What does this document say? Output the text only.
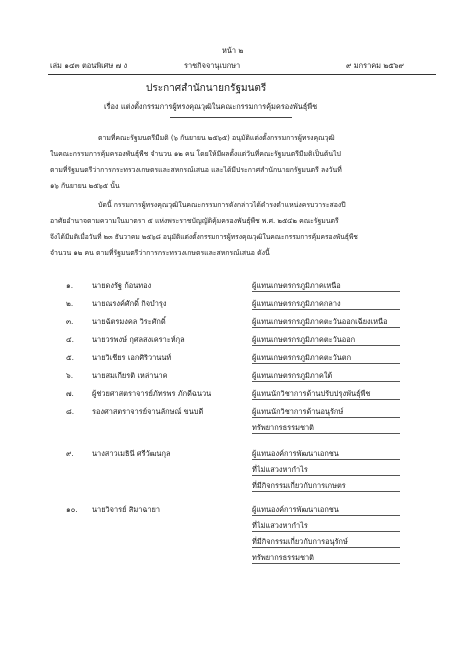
หน้า ๒
เล่ม ๑๔๓ ตอนพิเศษ ๗ ง	ราชกิจจานุเบกษา	๙ มกราคม ๒๕๖๙
ประกาศสำนักนายกรัฐมนตรี
เรื่อง แต่งตั้งกรรมการผู้ทรงคุณวุฒิในคณะกรรมการคุ้มครองพันธุ์พืช
ตามที่คณะรัฐมนตรีมีมติ (๖ กันยายน ๒๕๖๕) อนุมัติแต่งตั้งกรรมการผู้ทรงคุณวุฒิ
ในคณะกรรมการคุ้มครองพันธุ์พืช จำนวน ๑๒ คน โดยให้มีผลตั้งแต่วันที่คณะรัฐมนตรีมีมติเป็นต้นไป
ตามที่รัฐมนตรีว่าการกระทรวงเกษตรและสหกรณ์เสนอ และได้มีประกาศสำนักนายกรัฐมนตรี ลงวันที่
๑๖ กันยายน ๒๕๖๕ นั้น
บัดนี้ กรรมการผู้ทรงคุณวุฒิในคณะกรรมการดังกล่าวได้ดำรงตำแหน่งครบวาระสองปี
อาศัยอำนาจตามความในมาตรา ๕ แห่งพระราชบัญญัติคุ้มครองพันธุ์พืช พ.ศ. ๒๕๔๒ คณะรัฐมนตรี
จึงได้มีมติเมื่อวันที่ ๒๓ ธันวาคม ๒๕๖๘ อนุมัติแต่งตั้งกรรมการผู้ทรงคุณวุฒิในคณะกรรมการคุ้มครองพันธุ์พืช
จำนวน ๑๒ คน ตามที่รัฐมนตรีว่าการกระทรวงเกษตรและสหกรณ์เสนอ ดังนี้
๑.	นายดงรัฐ ก้อนทอง	ผู้แทนเกษตรกรภูมิภาคเหนือ
๒.	นายณรงค์ศักดิ์ กิจบำรุง	ผู้แทนเกษตรกรภูมิภาคกลาง
๓.	นายฉัตรมงคล วิระศักดิ์	ผู้แทนเกษตรกรภูมิภาคตะวันออกเฉียงเหนือ
๔. นายวรพงษ์ กุศลสงเคราะห์กุล	ผู้แทนเกษตรกรภูมิภาคตะวันออก
๕. นายวิเชียร เอกศิริวานนท์	ผู้แทนเกษตรกรภูมิภาคตะวันตก
๖.	นายสมเกียรติ เหล่านาค	ผู้แทนเกษตรกรภูมิภาคใต้
๗. ผู้ช่วยศาสตราจารย์ภัทรพร ภักดีฉนวน	ผู้แทนนักวิชาการด้านปรับปรุงพันธุ์พืช
๘. รองศาสตราจารย์จานลักษณ์ ขนบดี	ผู้แทนนักวิชาการด้านอนุรักษ์
ทรัพยากรธรรมชาติ
๙. นางสาวเมธินี ศรีวัฒนกุล	ผู้แทนองค์การพัฒนาเอกชน
ที่ไม่แสวงหากำไร
ที่มีกิจกรรมเกี่ยวกับการเกษตร
๑๐. นายวิจารย์ สิมาฉายา	ผู้แทนองค์การพัฒนาเอกชน
ที่ไม่แสวงหากำไร
ที่มีกิจกรรมเกี่ยวกับการอนุรักษ์
ทรัพยากรธรรมชาติ
